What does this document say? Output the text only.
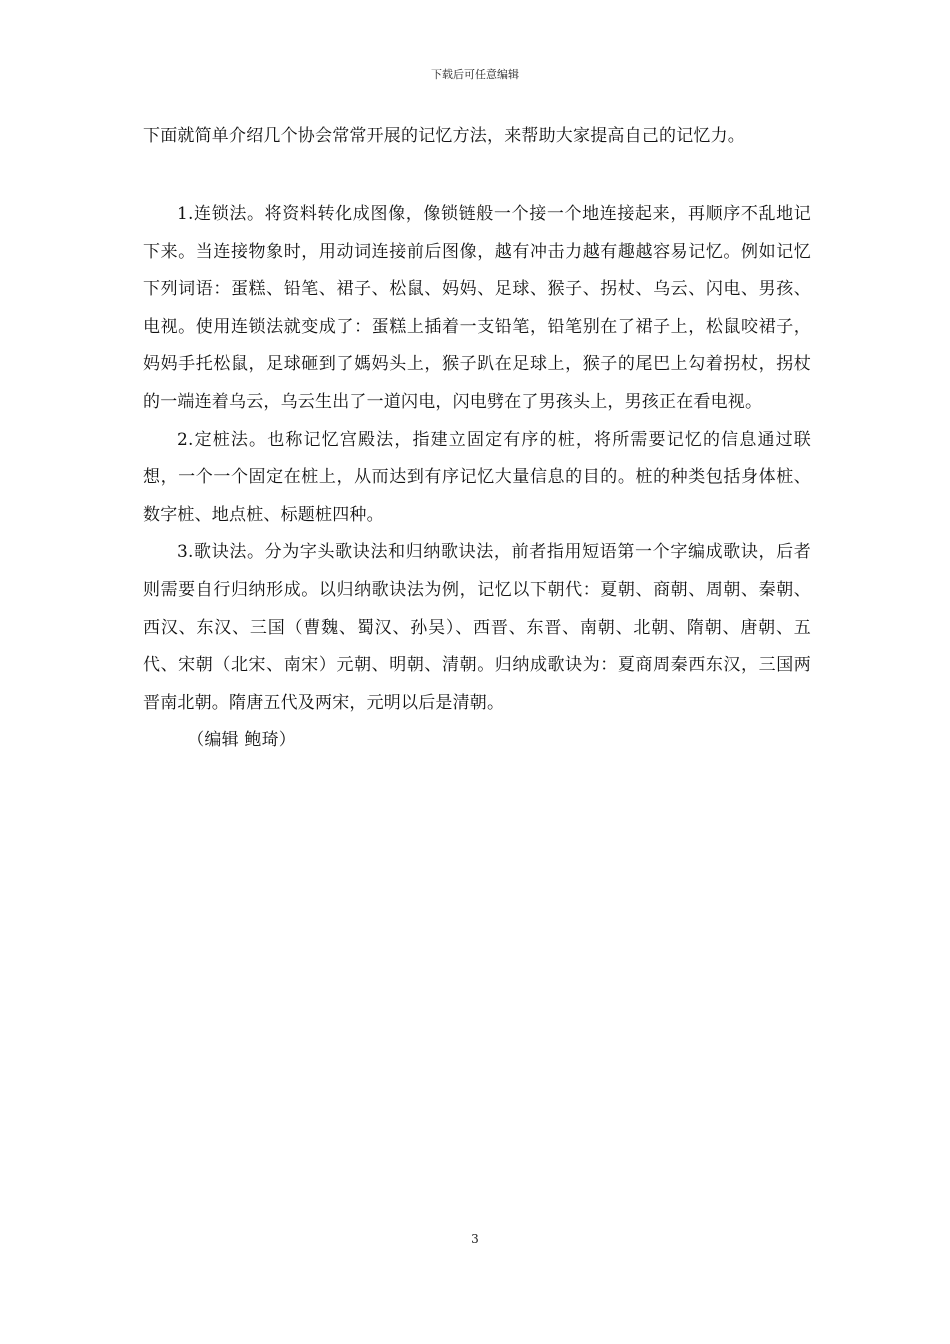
下载后可任意编辑
下面就简单介绍几个协会常常开展的记忆方法，来帮助大家提高自己的记忆力。

1.连锁法。将资料转化成图像，像锁链般一个接一个地连接起来，再顺序不乱地记下来。当连接物象时，用动词连接前后图像，越有冲击力越有趣越容易记忆。例如记忆下列词语：蛋糕、铅笔、裙子、松鼠、妈妈、足球、猴子、拐杖、乌云、闪电、男孩、电视。使用连锁法就变成了：蛋糕上插着一支铅笔，铅笔别在了裙子上，松鼠咬裙子，妈妈手托松鼠，足球砸到了媽妈头上，猴子趴在足球上，猴子的尾巴上勾着拐杖，拐杖的一端连着乌云，乌云生出了一道闪电，闪电劈在了男孩头上，男孩正在看电视。

2.定桩法。也称记忆宫殿法，指建立固定有序的桩，将所需要记忆的信息通过联想，一个一个固定在桩上，从而达到有序记忆大量信息的目的。桩的种类包括身体桩、数字桩、地点桩、标题桩四种。

3.歌诀法。分为字头歌诀法和归纳歌诀法，前者指用短语第一个字编成歌诀，后者则需要自行归纳形成。以归纳歌诀法为例，记忆以下朝代：夏朝、商朝、周朝、秦朝、西汉、东汉、三国（曹魏、蜀汉、孙吴）、西晋、东晋、南朝、北朝、隋朝、唐朝、五代、宋朝（北宋、南宋）元朝、明朝、清朝。归纳成歌诀为：夏商周秦西东汉，三国两晋南北朝。隋唐五代及两宋，元明以后是清朝。

（编辑 鲍琦）

3
